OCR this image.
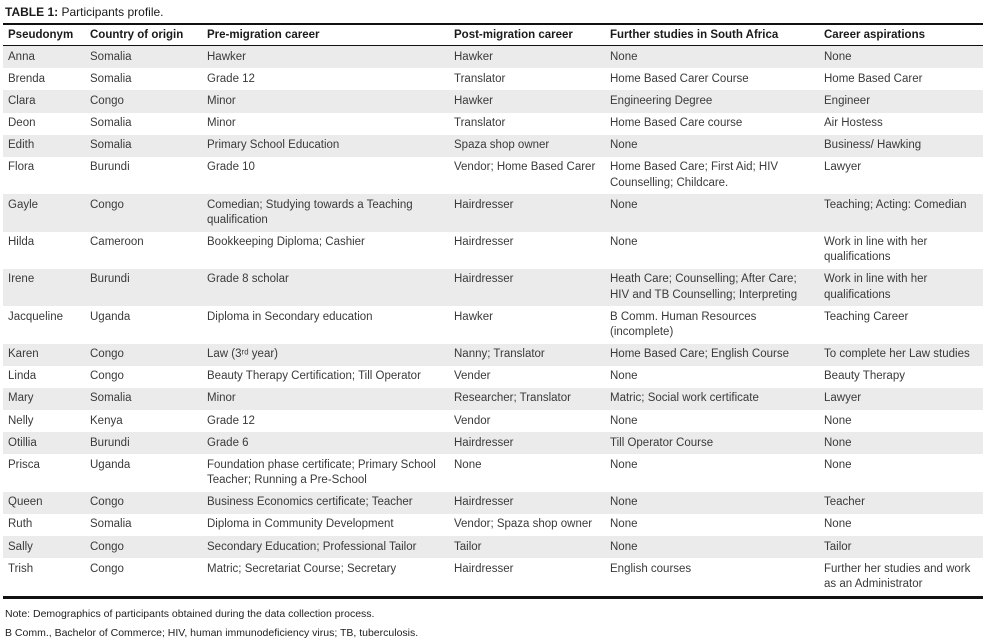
TABLE 1: Participants profile.

Pseudonym	Country of origin	Pre-migration career	Post-migration career	Further studies in South Africa	Career aspirations
Anna	Somalia	Hawker	Hawker	None	None
Brenda	Somalia	Grade 12	Translator	Home Based Carer Course	Home Based Carer
Clara	Congo	Minor	Hawker	Engineering Degree	Engineer
Deon	Somalia	Minor	Translator	Home Based Care course	Air Hostess
Edith	Somalia	Primary School Education	Spaza shop owner	None	Business/ Hawking
Flora	Burundi	Grade 10	Vendor; Home Based Carer	Home Based Care; First Aid; HIV Counselling; Childcare.	Lawyer
Gayle	Congo	Comedian; Studying towards a Teaching qualification	Hairdresser	None	Teaching; Acting: Comedian
Hilda	Cameroon	Bookkeeping Diploma; Cashier	Hairdresser	None	Work in line with her qualifications
Irene	Burundi	Grade 8 scholar	Hairdresser	Heath Care; Counselling; After Care; HIV and TB Counselling; Interpreting	Work in line with her qualifications
Jacqueline	Uganda	Diploma in Secondary education	Hawker	B Comm. Human Resources (incomplete)	Teaching Career
Karen	Congo	Law (3ʳᵈ year)	Nanny; Translator	Home Based Care; English Course	To complete her Law studies
Linda	Congo	Beauty Therapy Certification; Till Operator	Vender	None	Beauty Therapy
Mary	Somalia	Minor	Researcher; Translator	Matric; Social work certificate	Lawyer
Nelly	Kenya	Grade 12	Vendor	None	None
Otillia	Burundi	Grade 6	Hairdresser	Till Operator Course	None
Prisca	Uganda	Foundation phase certificate; Primary School Teacher; Running a Pre-School	None	None	None
Queen	Congo	Business Economics certificate; Teacher	Hairdresser	None	Teacher
Ruth	Somalia	Diploma in Community Development	Vendor; Spaza shop owner	None	None
Sally	Congo	Secondary Education; Professional Tailor	Tailor	None	Tailor
Trish	Congo	Matric; Secretariat Course; Secretary	Hairdresser	English courses	Further her studies and work as an Administrator

Note: Demographics of participants obtained during the data collection process.

B Comm., Bachelor of Commerce; HIV, human immunodeficiency virus; TB, tuberculosis.
